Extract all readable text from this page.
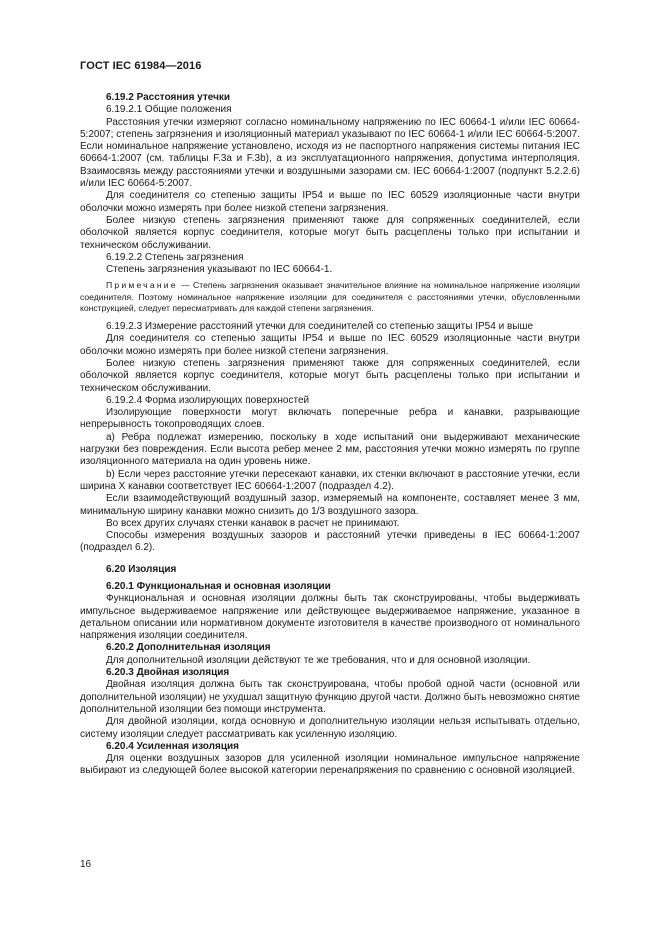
ГОСТ IEC 61984—2016
6.19.2 Расстояния утечки

6.19.2.1 Общие положения

Расстояния утечки измеряют согласно номинальному напряжению по IEC 60664-1 и/или IEC 60664-5:2007; степень загрязнения и изоляционный материал указывают по IEC 60664-1 и/или IEC 60664-5:2007. Если номинальное напряжение установлено, исходя из не паспортного напряжения системы питания IEC 60664-1:2007 (см. таблицы F.3a и F.3b), а из эксплуатационного напряжения, допустима интерполяция. Взаимосвязь между расстояниями утечки и воздушными зазорами см. IEC 60664-1:2007 (подпункт 5.2.2.6) и/или IEC 60664-5:2007.

Для соединителя со степенью защиты IP54 и выше по IEC 60529 изоляционные части внутри оболочки можно измерять при более низкой степени загрязнения.

Более низкую степень загрязнения применяют также для сопряженных соединителей, если оболочкой является корпус соединителя, которые могут быть расцеплены только при испытании и техническом обслуживании.

6.19.2.2 Степень загрязнения

Степень загрязнения указывают по IEC 60664-1.

Примечание — Степень загрязнения оказывает значительное влияние на номинальное напряжение изоляции соединителя. Поэтому номинальное напряжение изоляции для соединителя с расстояниями утечки, обусловленными конструкцией, следует пересматривать для каждой степени загрязнения.

6.19.2.3 Измерение расстояний утечки для соединителей со степенью защиты IP54 и выше

Для соединителя со степенью защиты IP54 и выше по IEC 60529 изоляционные части внутри оболочки можно измерять при более низкой степени загрязнения.

Более низкую степень загрязнения применяют также для сопряженных соединителей, если оболочкой является корпус соединителя, которые могут быть расцеплены только при испытании и техническом обслуживании.

6.19.2.4 Форма изолирующих поверхностей

Изолирующие поверхности могут включать поперечные ребра и канавки, разрывающие непрерывность токопроводящих слоев.

a) Ребра подлежат измерению, поскольку в ходе испытаний они выдерживают механические нагрузки без повреждения. Если высота ребер менее 2 мм, расстояния утечки можно измерять по группе изоляционного материала на один уровень ниже.

b) Если через расстояние утечки пересекают канавки, их стенки включают в расстояние утечки, если ширина X канавки соответствует IEC 60664-1:2007 (подраздел 4.2).

Если взаимодействующий воздушный зазор, измеряемый на компоненте, составляет менее 3 мм, минимальную ширину канавки можно снизить до 1/3 воздушного зазора.

Во всех других случаях стенки канавок в расчет не принимают.

Способы измерения воздушных зазоров и расстояний утечки приведены в IEC 60664-1:2007 (подраздел 6.2).

6.20 Изоляция
6.20.1 Функциональная и основная изоляции

Функциональная и основная изоляции должны быть так сконструированы, чтобы выдерживать импульсное выдерживаемое напряжение или действующее выдерживаемое напряжение, указанное в детальном описании или нормативном документе изготовителя в качестве производного от номинального напряжения изоляции соединителя.

6.20.2 Дополнительная изоляция

Для дополнительной изоляции действуют те же требования, что и для основной изоляции.

6.20.3 Двойная изоляция

Двойная изоляция должна быть так сконструирована, чтобы пробой одной части (основной или дополнительной изоляции) не ухудшал защитную функцию другой части. Должно быть невозможно снятие дополнительной изоляции без помощи инструмента.

Для двойной изоляции, когда основную и дополнительную изоляции нельзя испытывать отдельно, систему изоляции следует рассматривать как усиленную изоляцию.

6.20.4 Усиленная изоляция

Для оценки воздушных зазоров для усиленной изоляции номинальное импульсное напряжение выбирают из следующей более высокой категории перенапряжения по сравнению с основной изоляцией.

16
